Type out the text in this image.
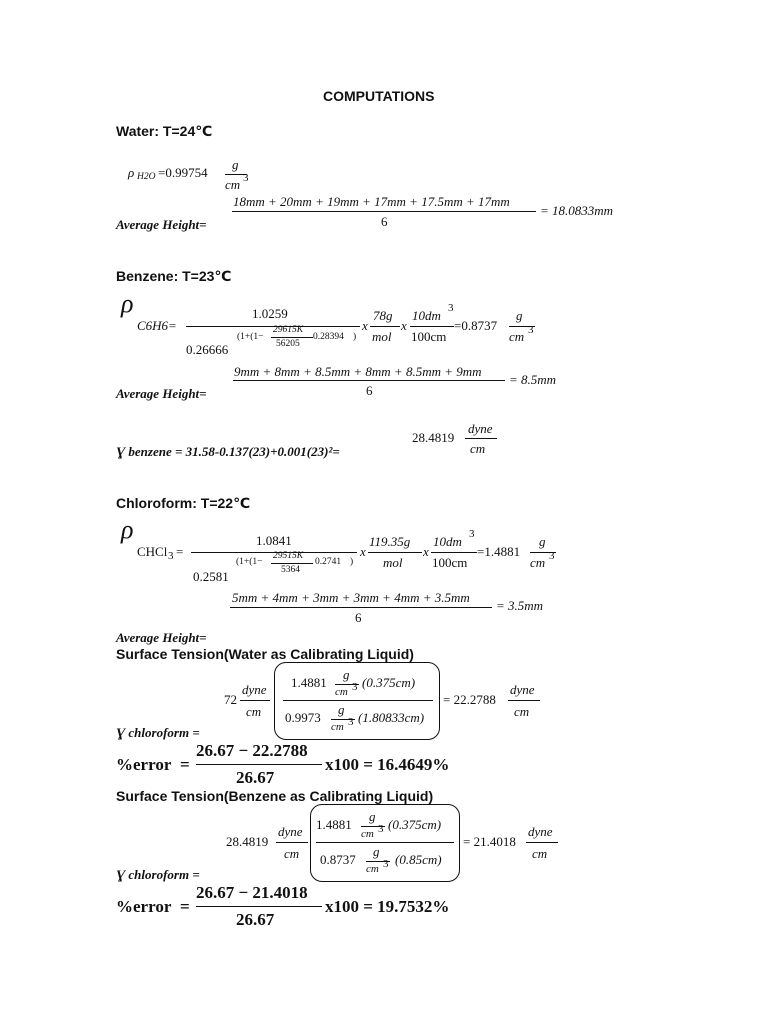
COMPUTATIONS
Water: T=24℃
ρ H2O =0.99754
g
cm 3
18mm + 20mm + 19mm + 17mm + 17.5mm + 17mm
6
= 18.0833mm
Average Height=
Benzene: T=23℃
ρ
C6H6=
1.0259
0.26666
(1+(1−
29615K
56205
0.28394 )
x
78g
mol
x
10dm 3
100cm
=0.8737
g
cm 3
9mm + 8mm + 8.5mm + 8mm + 8.5mm + 9mm
6
= 8.5mm
Average Height=
Ɣ benzene = 31.58-0.137(23)+0.001(23)²=
28.4819
dyne
cm
Chloroform: T=22℃
ρ
CHCl 3 =
1.0841
0.2581
(1+(1−
29515K
5364
0.2741 )
x
119.35g
mol
x
10dm 3
100cm
=1.4881
g
cm 3
5mm + 4mm + 3mm + 3mm + 4mm + 3.5mm
6
= 3.5mm
Average Height=
Surface Tension(Water as Calibrating Liquid)
72
dyne
cm
1.4881
g
cm 3 (0.375cm)
0.9973
g
cm 3 (1.80833cm)
= 22.2788
dyne
cm
Ɣ chloroform =
%error =
26.67 − 22.2788
26.67
x100 = 16.4649%
Surface Tension(Benzene as Calibrating Liquid)
28.4819
dyne
cm
1.4881
g
cm 3 (0.375cm)
0.8737
g
cm 3 (0.85cm)
= 21.4018
dyne
cm
Ɣ chloroform =
%error =
26.67 − 21.4018
26.67
x100 = 19.7532%
